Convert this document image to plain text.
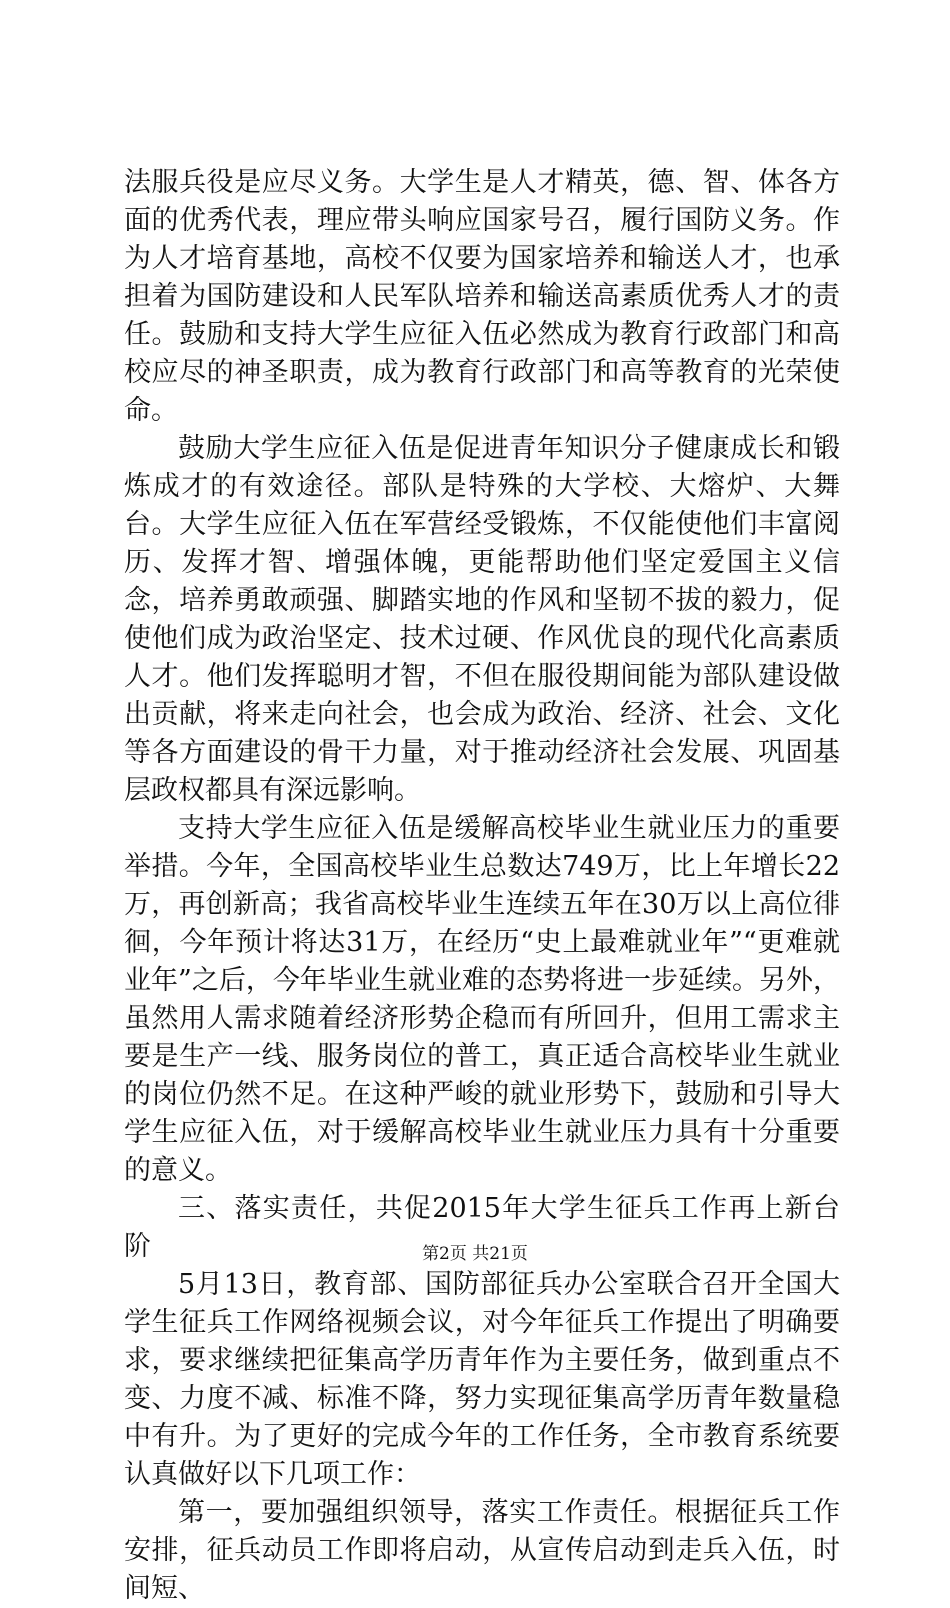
法服兵役是应尽义务。大学生是人才精英，德、智、体各方面的优秀代表，理应带头响应国家号召，履行国防义务。作为人才培育基地，高校不仅要为国家培养和输送人才，也承担着为国防建设和人民军队培养和输送高素质优秀人才的责任。鼓励和支持大学生应征入伍必然成为教育行政部门和高校应尽的神圣职责，成为教育行政部门和高等教育的光荣使命。

鼓励大学生应征入伍是促进青年知识分子健康成长和锻炼成才的有效途径。部队是特殊的大学校、大熔炉、大舞台。大学生应征入伍在军营经受锻炼，不仅能使他们丰富阅历、发挥才智、增强体魄，更能帮助他们坚定爱国主义信念，培养勇敢顽强、脚踏实地的作风和坚韧不拔的毅力，促使他们成为政治坚定、技术过硬、作风优良的现代化高素质人才。他们发挥聪明才智，不但在服役期间能为部队建设做出贡献，将来走向社会，也会成为政治、经济、社会、文化等各方面建设的骨干力量，对于推动经济社会发展、巩固基层政权都具有深远影响。

支持大学生应征入伍是缓解高校毕业生就业压力的重要举措。今年，全国高校毕业生总数达749万，比上年增长22万，再创新高；我省高校毕业生连续五年在30万以上高位徘徊，今年预计将达31万，在经历“史上最难就业年”“更难就业年”之后，今年毕业生就业难的态势将进一步延续。另外，虽然用人需求随着经济形势企稳而有所回升，但用工需求主要是生产一线、服务岗位的普工，真正适合高校毕业生就业的岗位仍然不足。在这种严峻的就业形势下，鼓励和引导大学生应征入伍，对于缓解高校毕业生就业压力具有十分重要的意义。

三、落实责任，共促2015年大学生征兵工作再上新台阶

5月13日，教育部、国防部征兵办公室联合召开全国大学生征兵工作网络视频会议，对今年征兵工作提出了明确要求，要求继续把征集高学历青年作为主要任务，做到重点不变、力度不减、标准不降，努力实现征集高学历青年数量稳中有升。为了更好的完成今年的工作任务，全市教育系统要认真做好以下几项工作：

第一，要加强组织领导，落实工作责任。根据征兵工作安排，征兵动员工作即将启动，从宣传启动到走兵入伍，时间短、

第2页 共21页
